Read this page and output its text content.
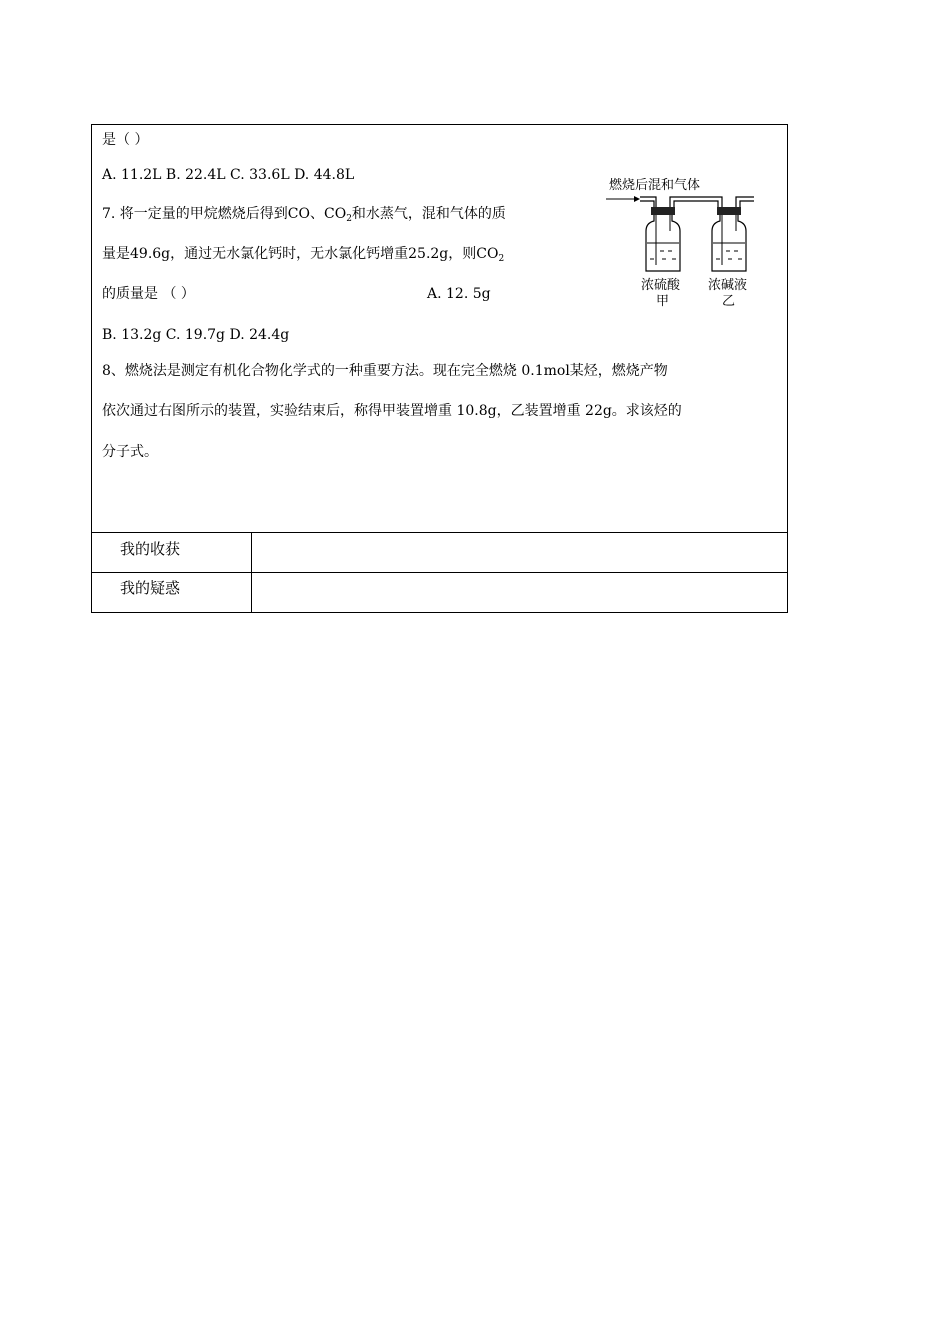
是（ ）
A. 11.2L B. 22.4L C. 33.6L D. 44.8L
7. 将一定量的甲烷燃烧后得到CO、$CO_2$和水蒸气，混和气体的质
量是49.6g，通过无水氯化钙时，无水氯化钙增重25.2g，则$CO_2$
的质量是 （ ）	A. 12. 5g
B. 13.2g C. 19.7g D. 24.4g
8、燃烧法是测定有机化合物化学式的一种重要方法。现在完全燃烧 0.1mol某烃，燃烧产物
依次通过右图所示的装置，实验结束后，称得甲装置增重 10.8g，乙装置增重 22g。求该烃的
分子式。
燃烧后混和气体
浓硫酸
甲
浓碱液
乙
我的收获
我的疑惑
